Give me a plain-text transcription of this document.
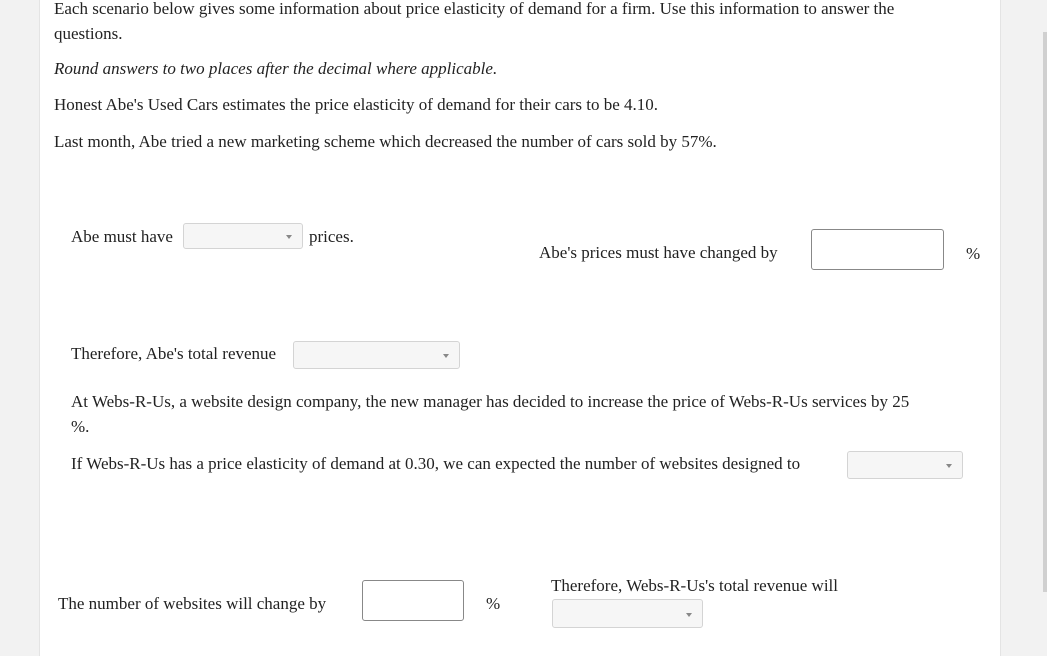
Each scenario below gives some information about price elasticity of demand for a firm. Use this information to answer the
questions.
Round answers to two places after the decimal where applicable.
Honest Abe's Used Cars estimates the price elasticity of demand for their cars to be 4.10.
Last month, Abe tried a new marketing scheme which decreased the number of cars sold by 57%.
Abe must have	prices.
Abe's prices must have changed by	%
Therefore, Abe's total revenue
At Webs-R-Us, a website design company, the new manager has decided to increase the price of Webs-R-Us services by 25
%.
If Webs-R-Us has a price elasticity of demand at 0.30, we can expected the number of websites designed to
The number of websites will change by	%
Therefore, Webs-R-Us's total revenue will
